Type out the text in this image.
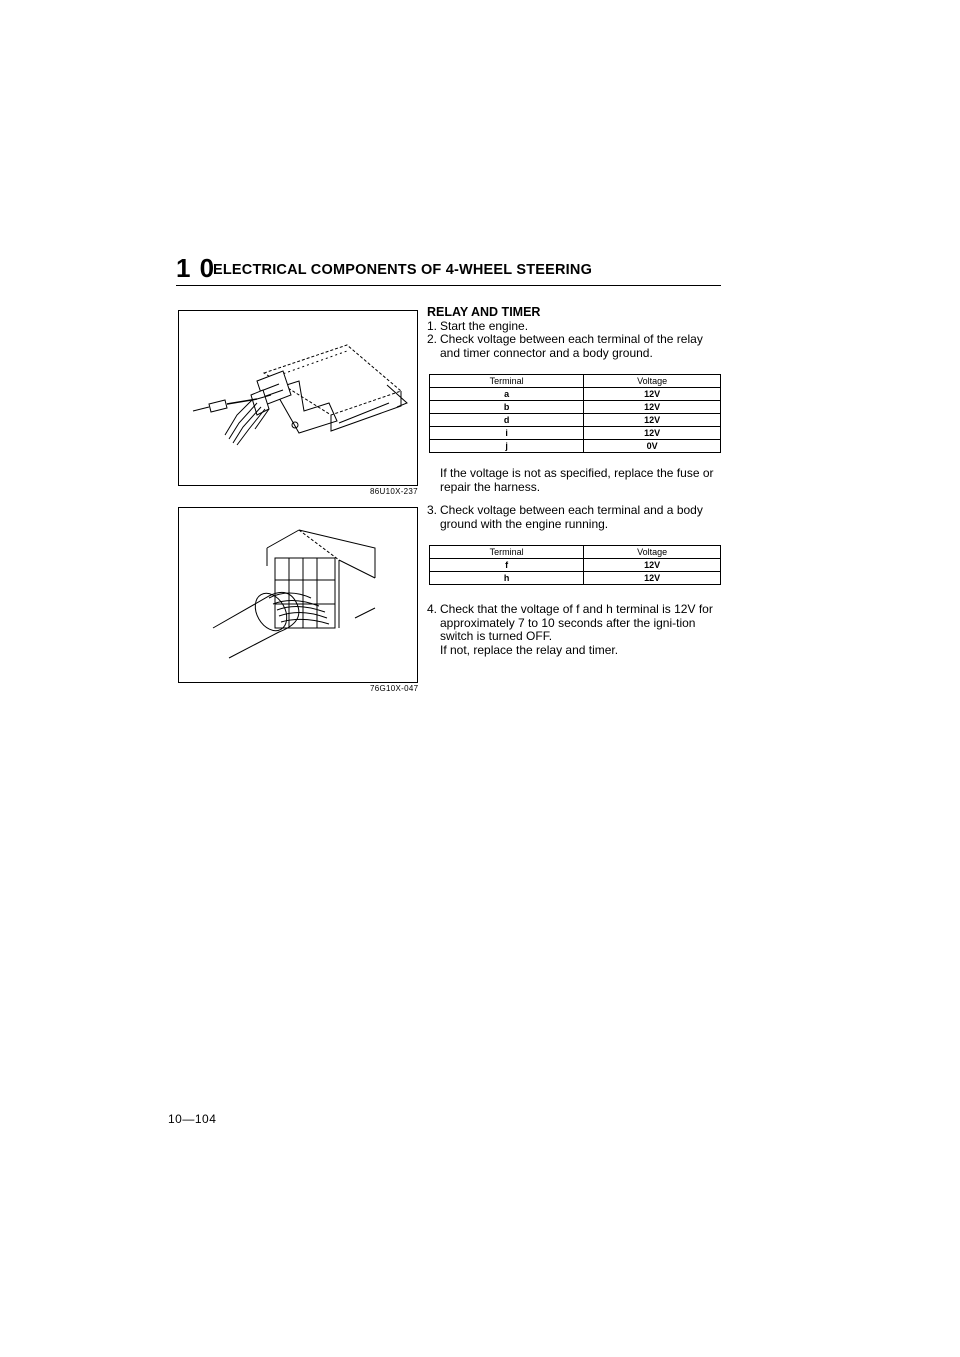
1 0
ELECTRICAL COMPONENTS OF 4-WHEEL STEERING
86U10X-237
76G10X-047
RELAY AND TIMER
1. Start the engine.
2. Check voltage between each terminal of the relay and timer connector and a body ground.
Terminal	Voltage
a	12V
b	12V
d	12V
i	12V
j	0V
If the voltage is not as specified, replace the fuse or repair the harness.
3. Check voltage between each terminal and a body ground with the engine running.
Terminal	Voltage
f	12V
h	12V
4. Check that the voltage of f and h terminal is 12V for approximately 7 to 10 seconds after the igni-tion switch is turned OFF.
If not, replace the relay and timer.
10—104
